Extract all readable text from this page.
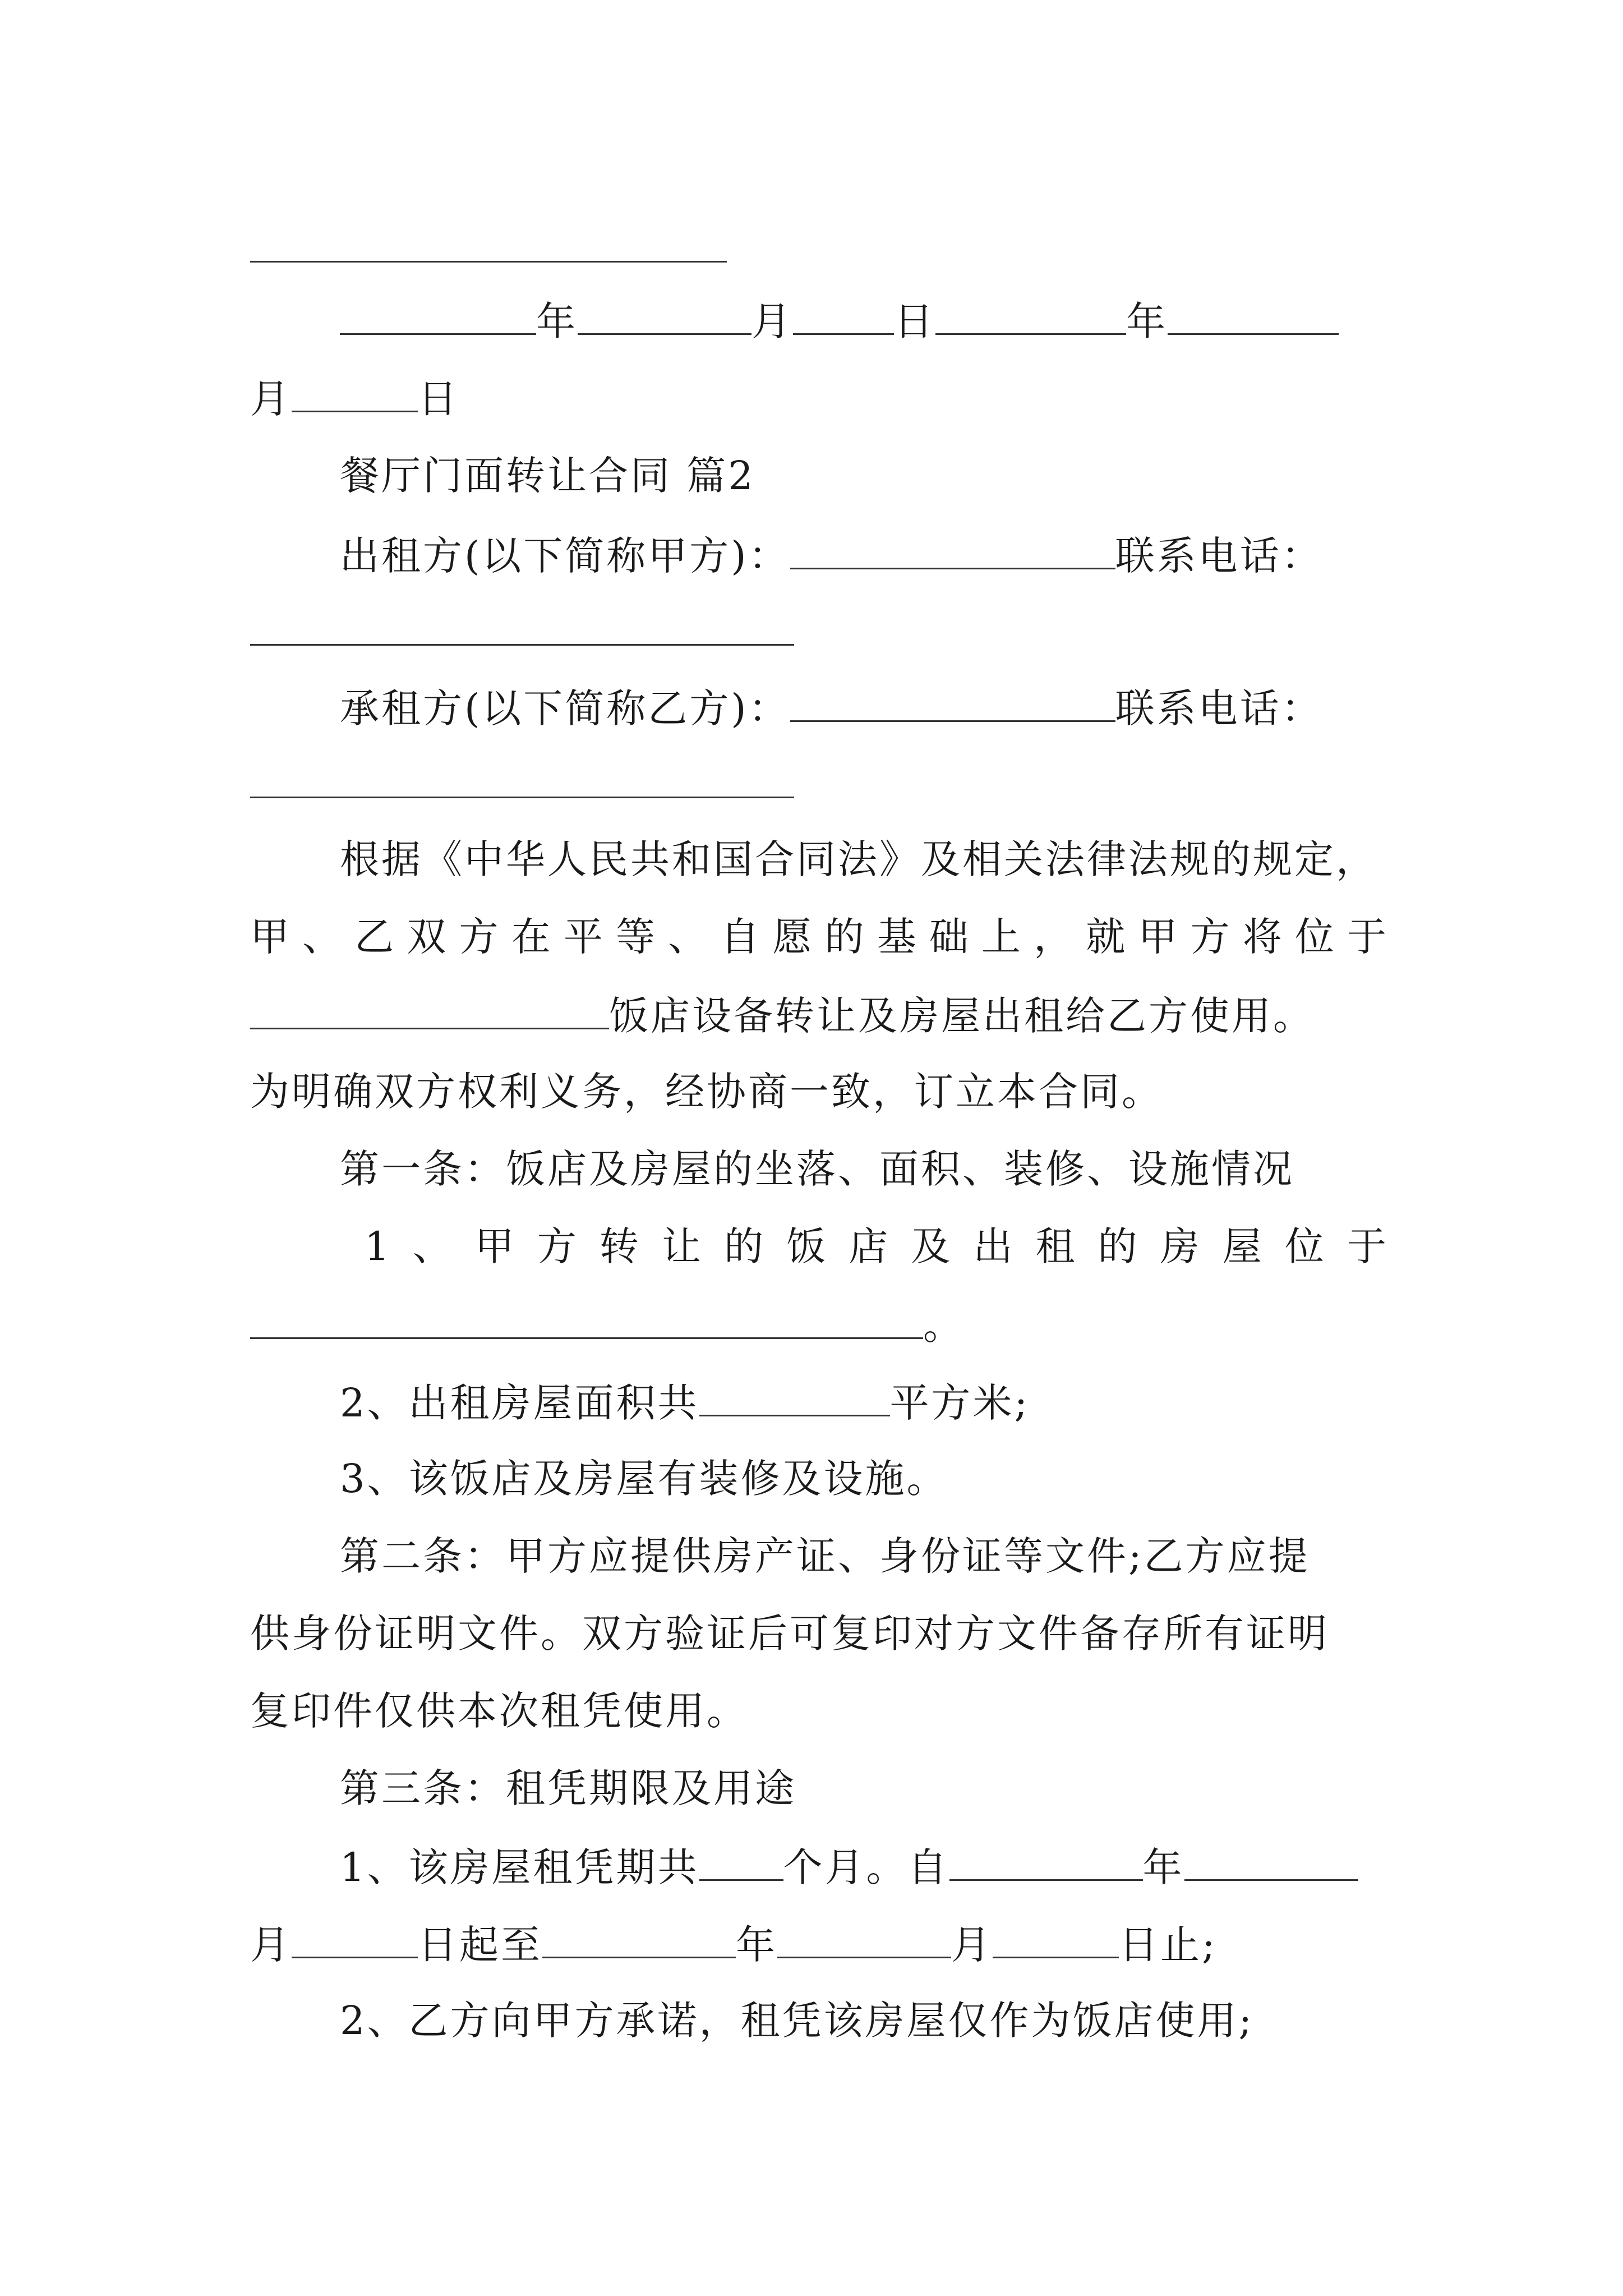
年	月	日	年
月	日
餐厅门面转让合同 篇2
出租方(以下简称甲方)：	联系电话：
承租方(以下简称乙方)：	联系电话：
根据《中华人民共和国合同法》及相关法律法规的规定，
甲、乙双方在平等、自愿的基础上，就甲方将位于
饭店设备转让及房屋出租给乙方使用。
为明确双方权利义务，经协商一致，订立本合同。
第一条：饭店及房屋的坐落、面积、装修、设施情况
1、甲方转让的饭店及出租的房屋位于
。
2、出租房屋面积共	平方米;
3、该饭店及房屋有装修及设施。
第二条：甲方应提供房产证、身份证等文件;乙方应提
供身份证明文件。双方验证后可复印对方文件备存所有证明
复印件仅供本次租凭使用。
第三条：租凭期限及用途
1、该房屋租凭期共 个月。自	年
月	日起至	年	月	日止;
2、乙方向甲方承诺，租凭该房屋仅作为饭店使用;
